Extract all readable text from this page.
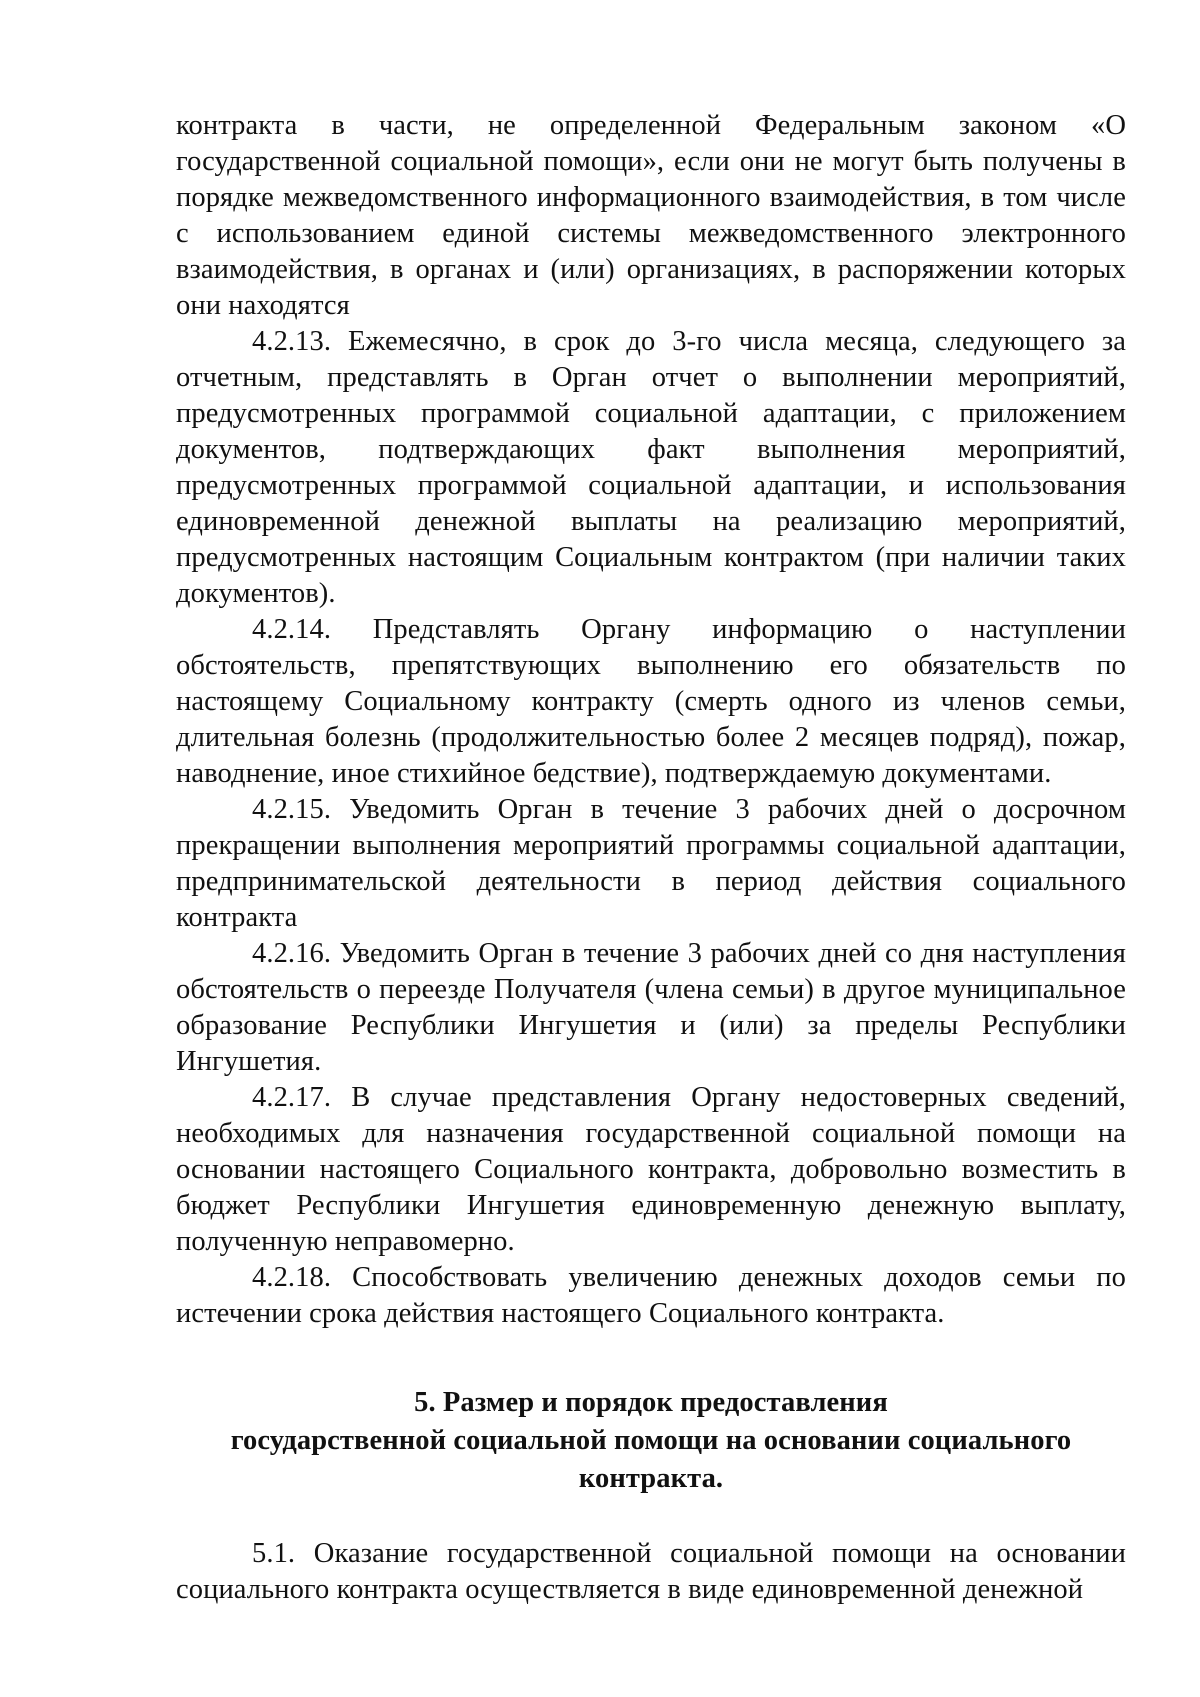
контракта в части, не определенной Федеральным законом «О государственной социальной помощи», если они не могут быть получены в порядке межведомственного информационного взаимодействия, в том числе с использованием единой системы межведомственного электронного взаимодействия, в органах и (или) организациях, в распоряжении которых они находятся

4.2.13. Ежемесячно, в срок до 3-го числа месяца, следующего за отчетным, представлять в Орган отчет о выполнении мероприятий, предусмотренных программой социальной адаптации, с приложением документов, подтверждающих факт выполнения мероприятий, предусмотренных программой социальной адаптации, и использования единовременной денежной выплаты на реализацию мероприятий, предусмотренных настоящим Социальным контрактом (при наличии таких документов).

4.2.14. Представлять Органу информацию о наступлении обстоятельств, препятствующих выполнению его обязательств по настоящему Социальному контракту (смерть одного из членов семьи, длительная болезнь (продолжительностью более 2 месяцев подряд), пожар, наводнение, иное стихийное бедствие), подтверждаемую документами.

4.2.15. Уведомить Орган в течение 3 рабочих дней о досрочном прекращении выполнения мероприятий программы социальной адаптации, предпринимательской деятельности в период действия социального контракта

4.2.16. Уведомить Орган в течение 3 рабочих дней со дня наступления обстоятельств о переезде Получателя (члена семьи) в другое муниципальное образование Республики Ингушетия и (или) за пределы Республики Ингушетия.

4.2.17. В случае представления Органу недостоверных сведений, необходимых для назначения государственной социальной помощи на основании настоящего Социального контракта, добровольно возместить в бюджет Республики Ингушетия единовременную денежную выплату, полученную неправомерно.

4.2.18. Способствовать увеличению денежных доходов семьи по истечении срока действия настоящего Социального контракта.

5. Размер и порядок предоставления
государственной социальной помощи на основании социального
контракта.

5.1. Оказание государственной социальной помощи на основании социального контракта осуществляется в виде единовременной денежной
